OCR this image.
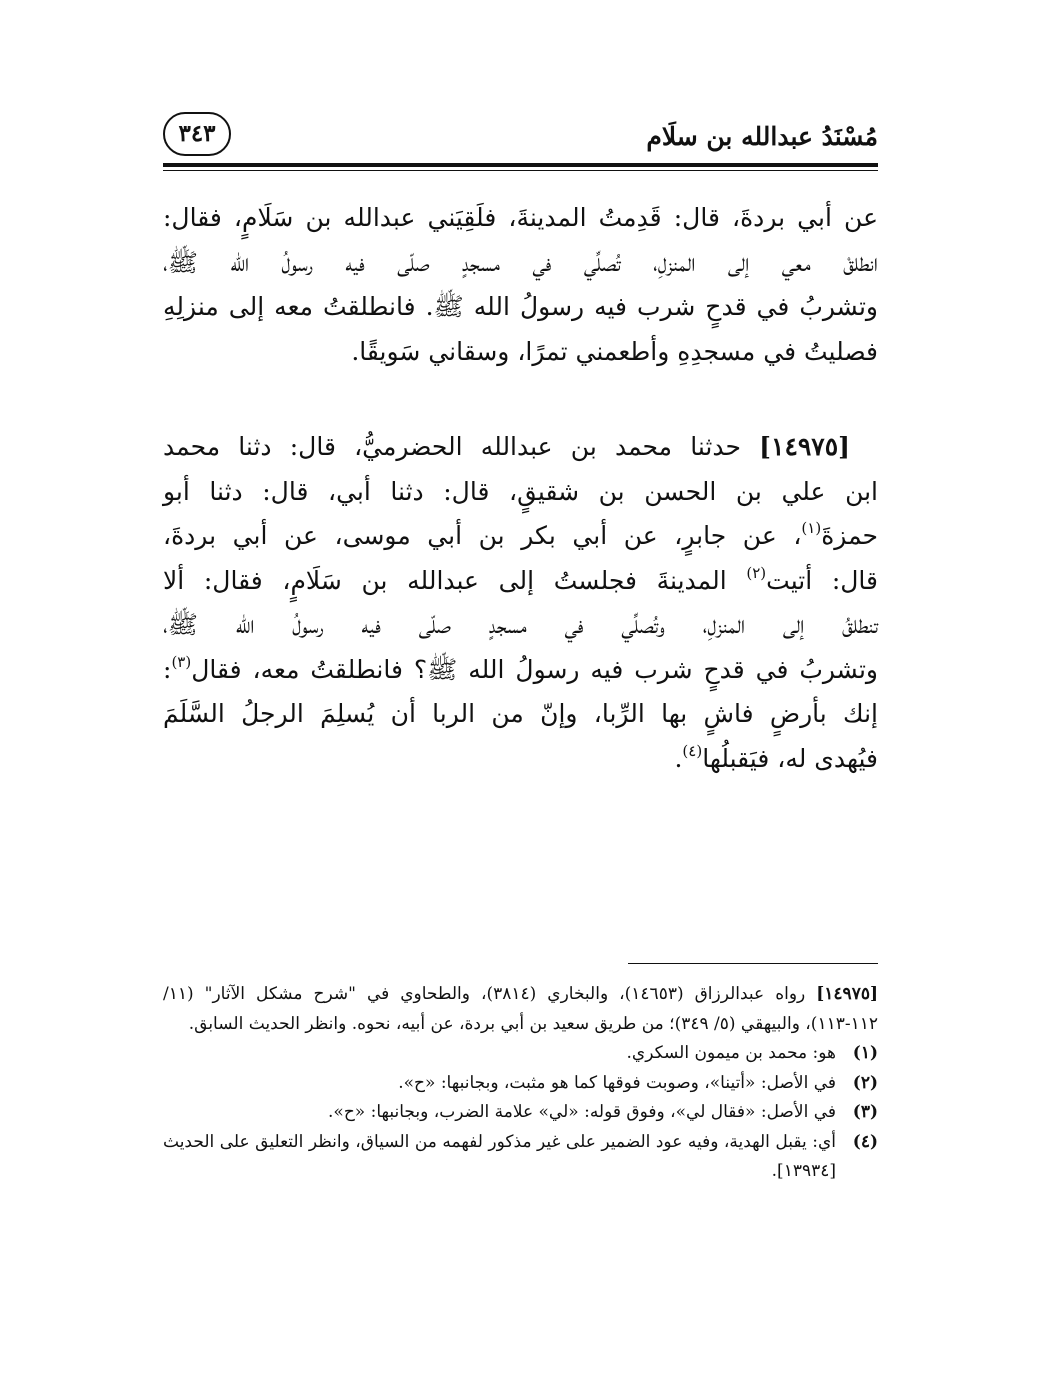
مُسْنَدُ عبدالله بن سلَام
٣٤٣
عن أبي بردةَ، قال: قَدِمتُ المدينةَ، فلَقِيَني عبدالله بن سَلَامٍ، فقال:
انطلقْ معي إلى المنزلِ، تُصلِّي في مسجدٍ صلّى فيه رسولُ الله ﷺ،
وتشربُ في قدحٍ شرب فيه رسولُ الله ﷺ. فانطلقتُ معه إلى منزلِهِ
فصليتُ في مسجدِهِ وأطعمني تمرًا، وسقاني سَويقًا.
[١٤٩٧٥] حدثنا محمد بن عبدالله الحضرميُّ، قال: دثنا محمد
ابن علي بن الحسن بن شقيقٍ، قال: دثنا أبي، قال: دثنا أبو
حمزةَ$^{(١)}$، عن جابرٍ، عن أبي بكر بن أبي موسى، عن أبي بردةَ،
قال: أتيت$^{(٢)}$ المدينةَ فجلستُ إلى عبدالله بن سَلَامٍ، فقال: ألا
تنطلقُ إلى المنزلِ، وتُصلِّي في مسجدٍ صلّى فيه رسولُ الله ﷺ،
وتشربُ في قدحٍ شرب فيه رسولُ الله ﷺ؟ فانطلقتُ معه، فقال$^{(٣)}$:
إنك بأرضٍ فاشٍ بها الرِّبا، وإنّ من الربا أن يُسلِمَ الرجلُ السَّلَمَ
فيُهدى له، فيَقبلُها$^{(٤)}$.
[١٤٩٧٥] رواه عبدالرزاق (١٤٦٥٣)، والبخاري (٣٨١٤)، والطحاوي في "شرح مشكل الآثار" (١١/ ١١٢-١١٣)، والبيهقي (٥/ ٣٤٩)؛ من طريق سعيد بن أبي بردة، عن أبيه، نحوه. وانظر الحديث السابق.
(١)
هو: محمد بن ميمون السكري.
(٢)
في الأصل: «أتينا»، وصوبت فوقها كما هو مثبت، وبجانبها: «ح».
(٣)
في الأصل: «فقال لي»، وفوق قوله: «لي» علامة الضرب، وبجانبها: «ح».
(٤)
أي: يقبل الهدية، وفيه عود الضمير على غير مذكور لفهمه من السياق، وانظر التعليق على الحديث [١٣٩٣٤].
